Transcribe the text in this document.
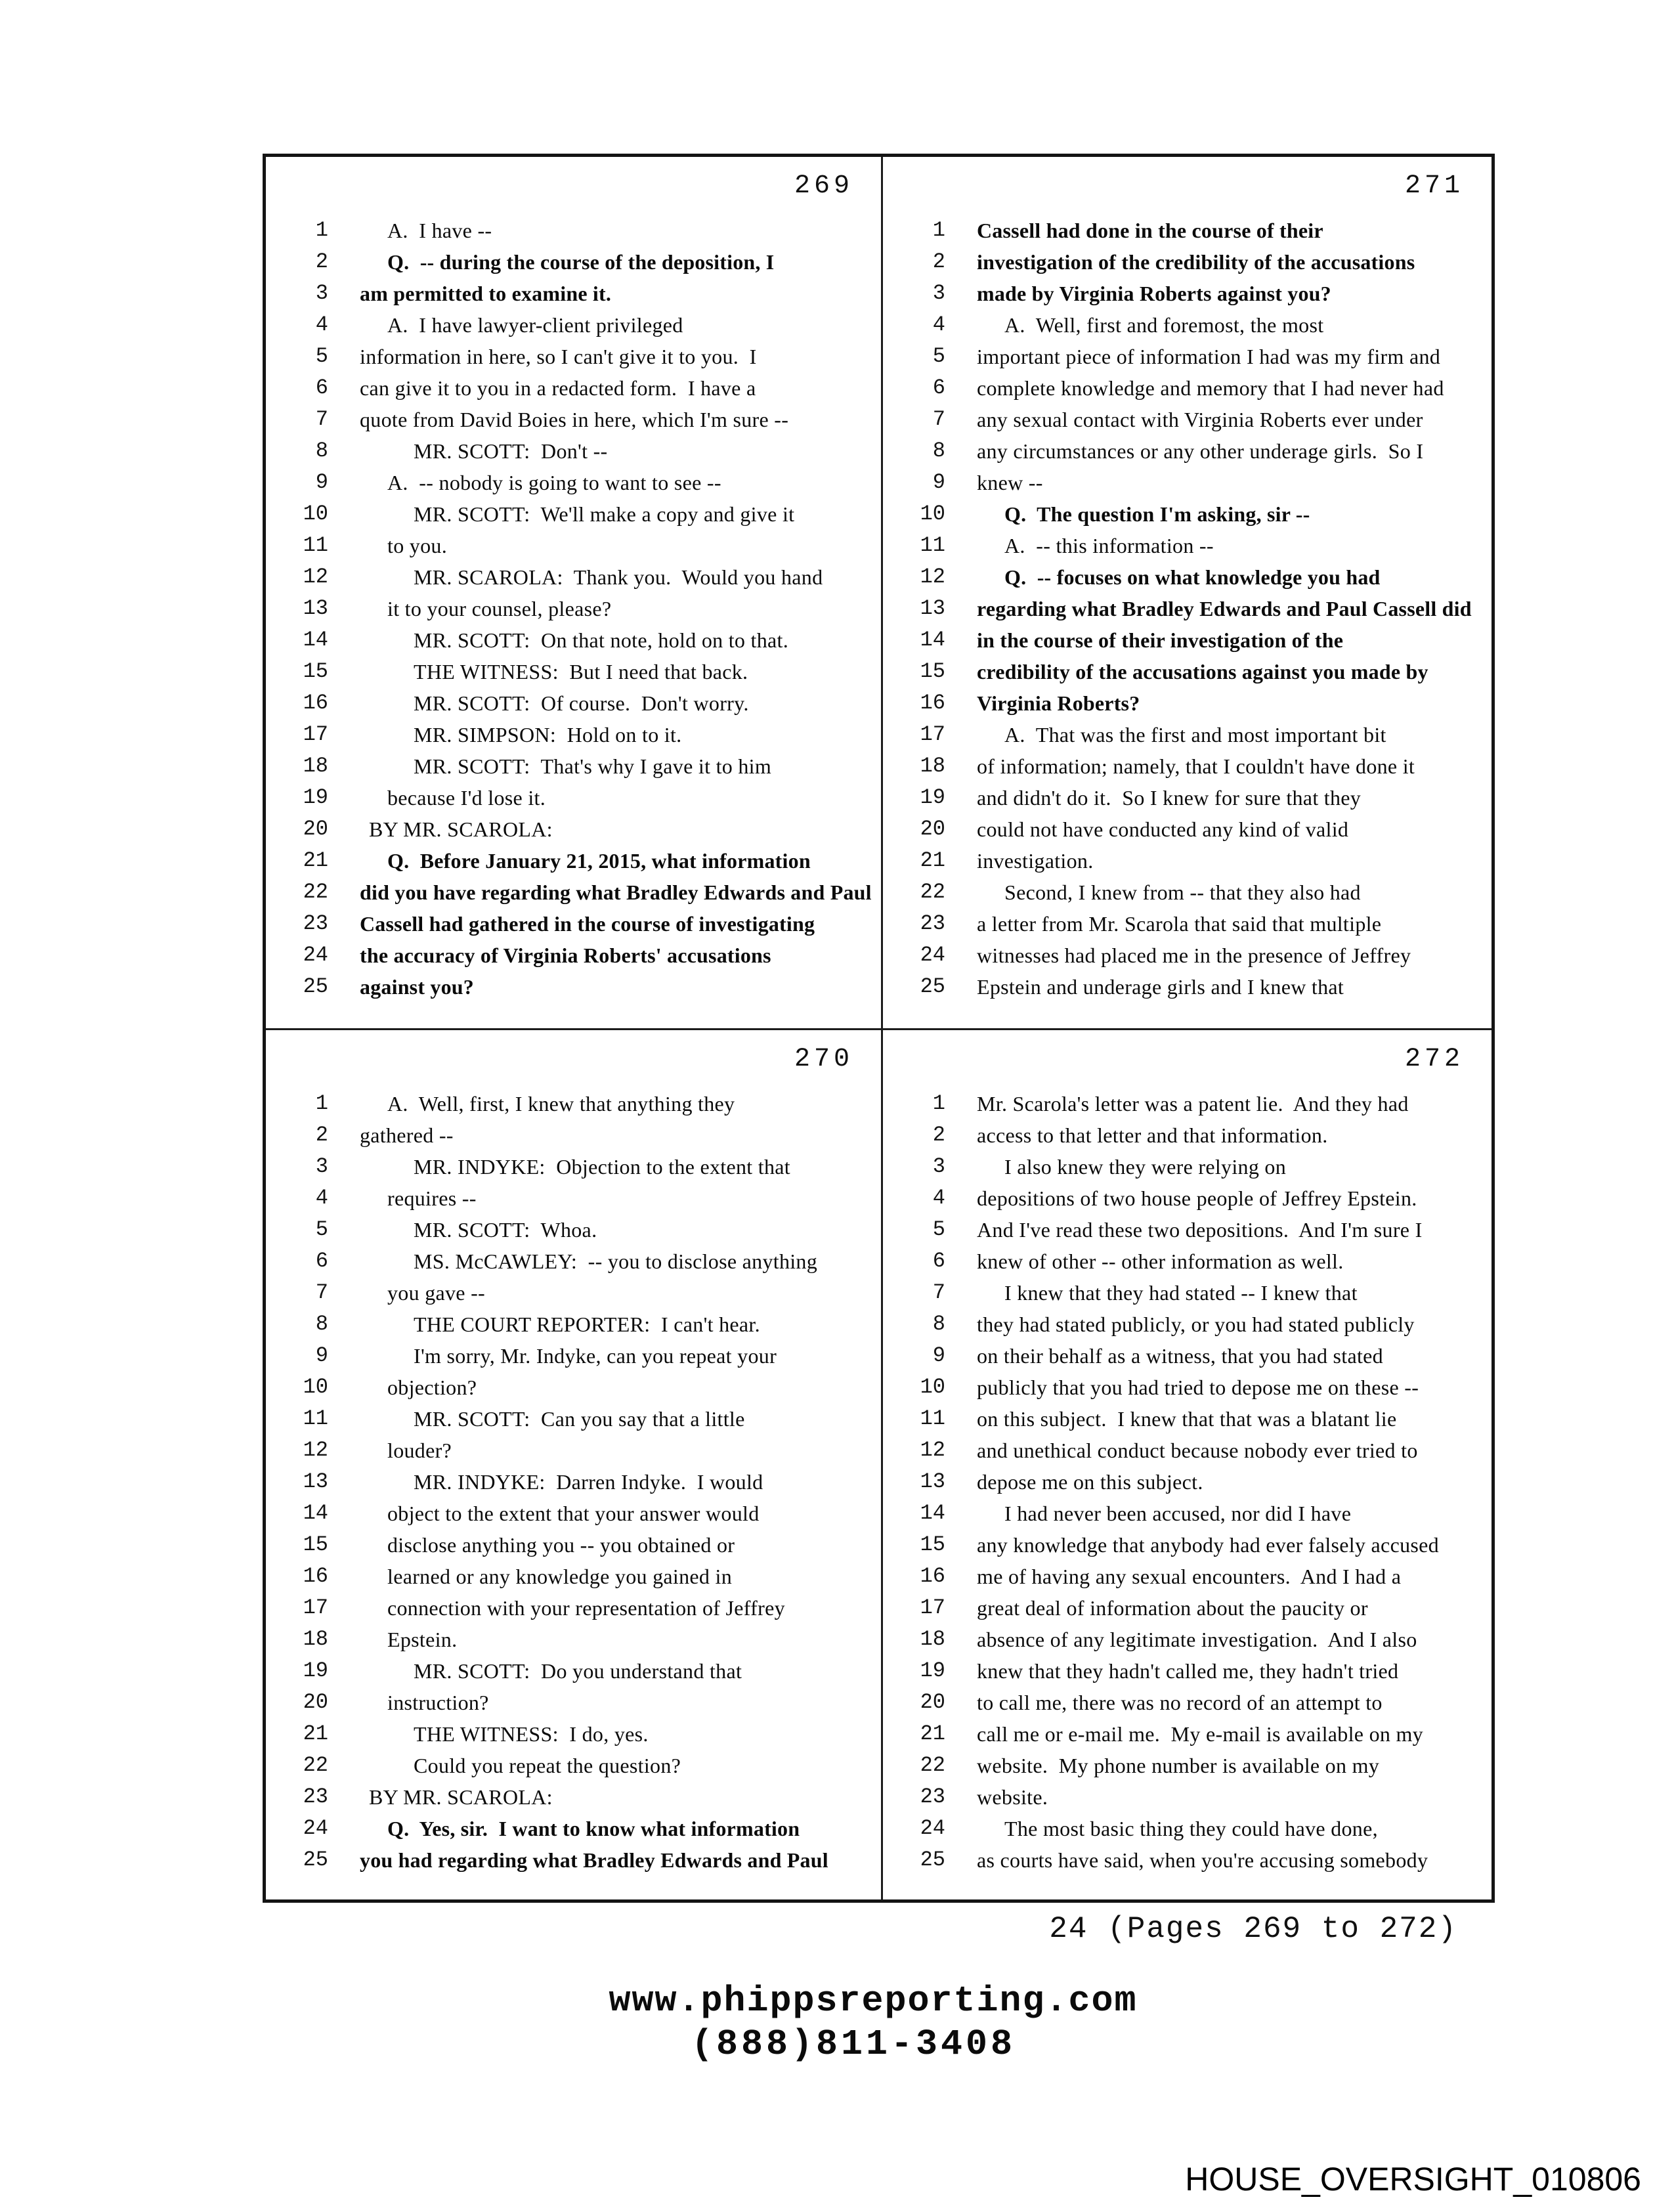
269
1	A.  I have --
2	Q.  -- during the course of the deposition, I
3 am permitted to examine it.
4	A.  I have lawyer-client privileged
5 information in here, so I can't give it to you.  I
6 can give it to you in a redacted form.  I have a
7 quote from David Boies in here, which I'm sure --
8	MR. SCOTT:  Don't --
9	A.  -- nobody is going to want to see --
10	MR. SCOTT:  We'll make a copy and give it
11	to you.
12	MR. SCAROLA:  Thank you.  Would you hand
13	it to your counsel, please?
14	MR. SCOTT:  On that note, hold on to that.
15	THE WITNESS:  But I need that back.
16	MR. SCOTT:  Of course.  Don't worry.
17	MR. SIMPSON:  Hold on to it.
18	MR. SCOTT:  That's why I gave it to him
19	because I'd lose it.
20	BY MR. SCAROLA:
21	Q.  Before January 21, 2015, what information
22 did you have regarding what Bradley Edwards and Paul
23 Cassell had gathered in the course of investigating
24 the accuracy of Virginia Roberts' accusations
25 against you?
271
1 Cassell had done in the course of their
2 investigation of the credibility of the accusations
3 made by Virginia Roberts against you?
4	A.  Well, first and foremost, the most
5 important piece of information I had was my firm and
6 complete knowledge and memory that I had never had
7 any sexual contact with Virginia Roberts ever under
8 any circumstances or any other underage girls.  So I
9 knew --
10	Q.  The question I'm asking, sir --
11	A.  -- this information --
12	Q.  -- focuses on what knowledge you had
13 regarding what Bradley Edwards and Paul Cassell did
14 in the course of their investigation of the
15 credibility of the accusations against you made by
16 Virginia Roberts?
17	A.  That was the first and most important bit
18 of information; namely, that I couldn't have done it
19 and didn't do it.  So I knew for sure that they
20 could not have conducted any kind of valid
21 investigation.
22	Second, I knew from -- that they also had
23 a letter from Mr. Scarola that said that multiple
24 witnesses had placed me in the presence of Jeffrey
25 Epstein and underage girls and I knew that
270
1	A.  Well, first, I knew that anything they
2 gathered --
3	MR. INDYKE:  Objection to the extent that
4	requires --
5	MR. SCOTT:  Whoa.
6	MS. McCAWLEY:  -- you to disclose anything
7	you gave --
8	THE COURT REPORTER:  I can't hear.
9	I'm sorry, Mr. Indyke, can you repeat your
10	objection?
11	MR. SCOTT:  Can you say that a little
12	louder?
13	MR. INDYKE:  Darren Indyke.  I would
14	object to the extent that your answer would
15	disclose anything you -- you obtained or
16	learned or any knowledge you gained in
17	connection with your representation of Jeffrey
18	Epstein.
19	MR. SCOTT:  Do you understand that
20	instruction?
21	THE WITNESS:  I do, yes.
22	Could you repeat the question?
23	BY MR. SCAROLA:
24	Q.  Yes, sir.  I want to know what information
25 you had regarding what Bradley Edwards and Paul
272
1 Mr. Scarola's letter was a patent lie.  And they had
2 access to that letter and that information.
3	I also knew they were relying on
4 depositions of two house people of Jeffrey Epstein.
5 And I've read these two depositions.  And I'm sure I
6 knew of other -- other information as well.
7	I knew that they had stated -- I knew that
8 they had stated publicly, or you had stated publicly
9 on their behalf as a witness, that you had stated
10 publicly that you had tried to depose me on these --
11 on this subject.  I knew that that was a blatant lie
12 and unethical conduct because nobody ever tried to
13 depose me on this subject.
14	I had never been accused, nor did I have
15 any knowledge that anybody had ever falsely accused
16 me of having any sexual encounters.  And I had a
17 great deal of information about the paucity or
18 absence of any legitimate investigation.  And I also
19 knew that they hadn't called me, they hadn't tried
20 to call me, there was no record of an attempt to
21 call me or e-mail me.  My e-mail is available on my
22 website.  My phone number is available on my
23 website.
24	The most basic thing they could have done,
25 as courts have said, when you're accusing somebody
24 (Pages 269 to 272)
www.phippsreporting.com
(888)811-3408
HOUSE_OVERSIGHT_010806
